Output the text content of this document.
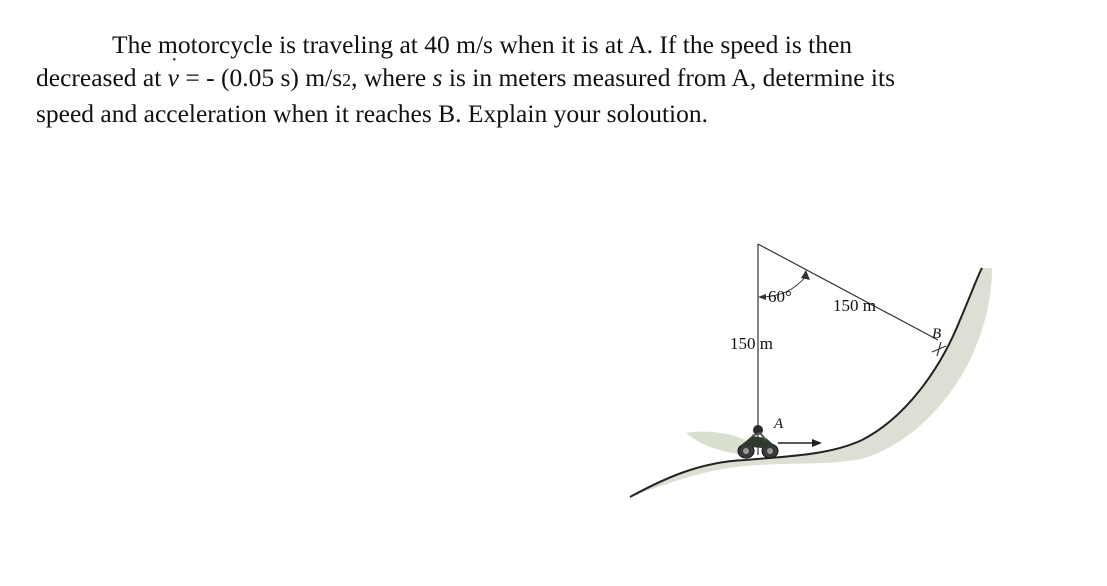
The motorcycle is traveling at 40 m/s when it is at A. If the speed is then
decreased at v ˙ = - (0.05 s) m/s2, where s is in meters measured from A, determine its
speed and acceleration when it reaches B. Explain your soloution.

60°
150 m
150 m
B
A
